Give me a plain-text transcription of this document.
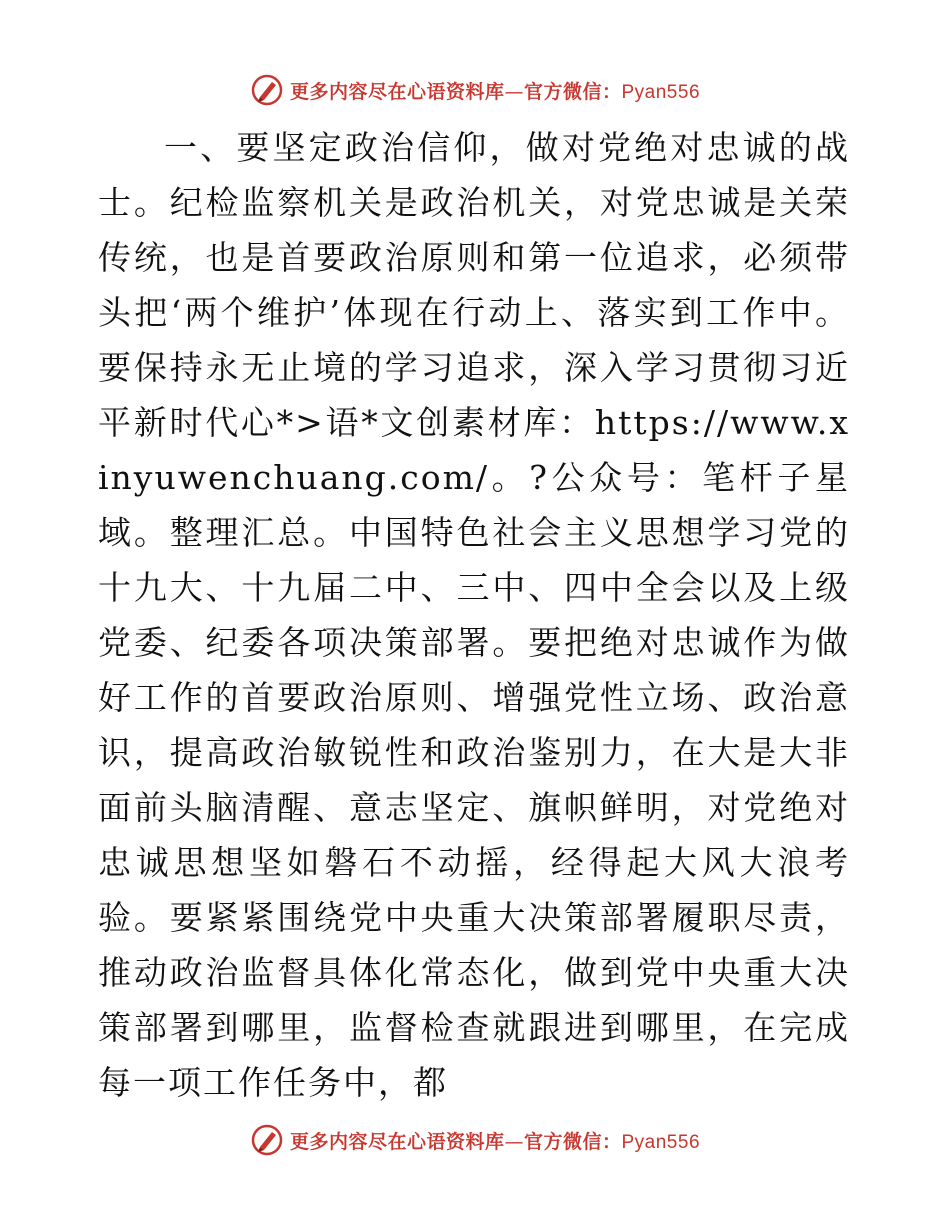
更多内容尽在心语资料库—官方微信：Pyan556

一、要坚定政治信仰，做对党绝对忠诚的战士。纪检监察机关是政治机关，对党忠诚是关荣传统，也是首要政治原则和第一位追求，必须带头把‘两个维护’体现在行动上、落实到工作中。要保持永无止境的学习追求，深入学习贯彻习近平新时代心*>语*文创素材库：https://www.xinyuwenchuang.com/。?公众号：笔杆子星域。整理汇总。中国特色社会主义思想学习党的十九大、十九届二中、三中、四中全会以及上级党委、纪委各项决策部署。要把绝对忠诚作为做好工作的首要政治原则、增强党性立场、政治意识，提高政治敏锐性和政治鉴别力，在大是大非面前头脑清醒、意志坚定、旗帜鲜明，对党绝对忠诚思想坚如磐石不动摇，经得起大风大浪考验。要紧紧围绕党中央重大决策部署履职尽责，推动政治监督具体化常态化，做到党中央重大决策部署到哪里，监督检查就跟进到哪里，在完成每一项工作任务中，都

更多内容尽在心语资料库—官方微信：Pyan556
